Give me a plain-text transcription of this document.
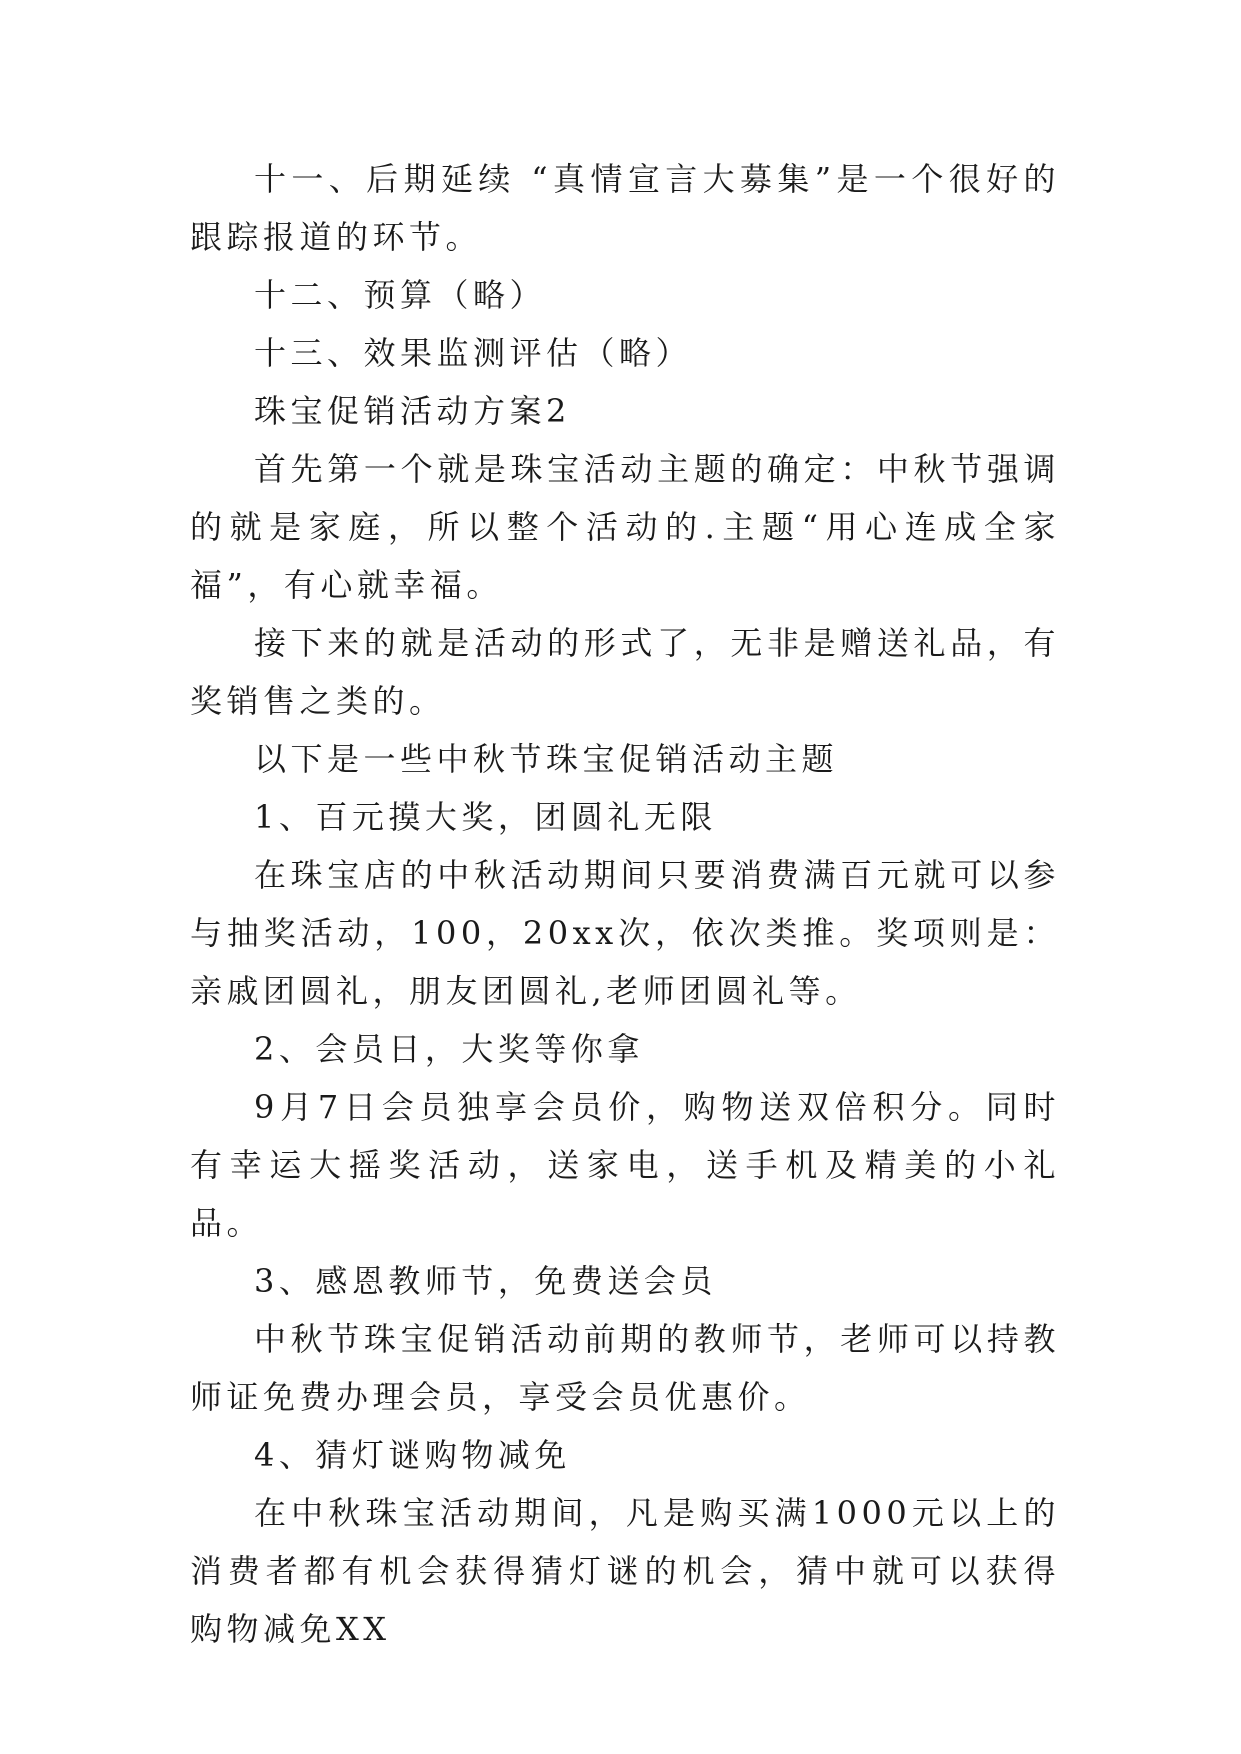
十一、后期延续 “真情宣言大募集”是一个很好的跟踪报道的环节。

十二、预算（略）

十三、效果监测评估（略）

珠宝促销活动方案2

首先第一个就是珠宝活动主题的确定：中秋节强调的就是家庭，所以整个活动的.主题“用心连成全家福”，有心就幸福。

接下来的就是活动的形式了，无非是赠送礼品，有奖销售之类的。

以下是一些中秋节珠宝促销活动主题

1、百元摸大奖，团圆礼无限

在珠宝店的中秋活动期间只要消费满百元就可以参与抽奖活动，100，20xx次，依次类推。奖项则是：亲戚团圆礼，朋友团圆礼,老师团圆礼等。

2、会员日，大奖等你拿

9月7日会员独享会员价，购物送双倍积分。同时有幸运大摇奖活动，送家电，送手机及精美的小礼品。

3、感恩教师节，免费送会员

中秋节珠宝促销活动前期的教师节，老师可以持教师证免费办理会员，享受会员优惠价。

4、猜灯谜购物减免

在中秋珠宝活动期间，凡是购买满1000元以上的消费者都有机会获得猜灯谜的机会，猜中就可以获得购物减免XX
